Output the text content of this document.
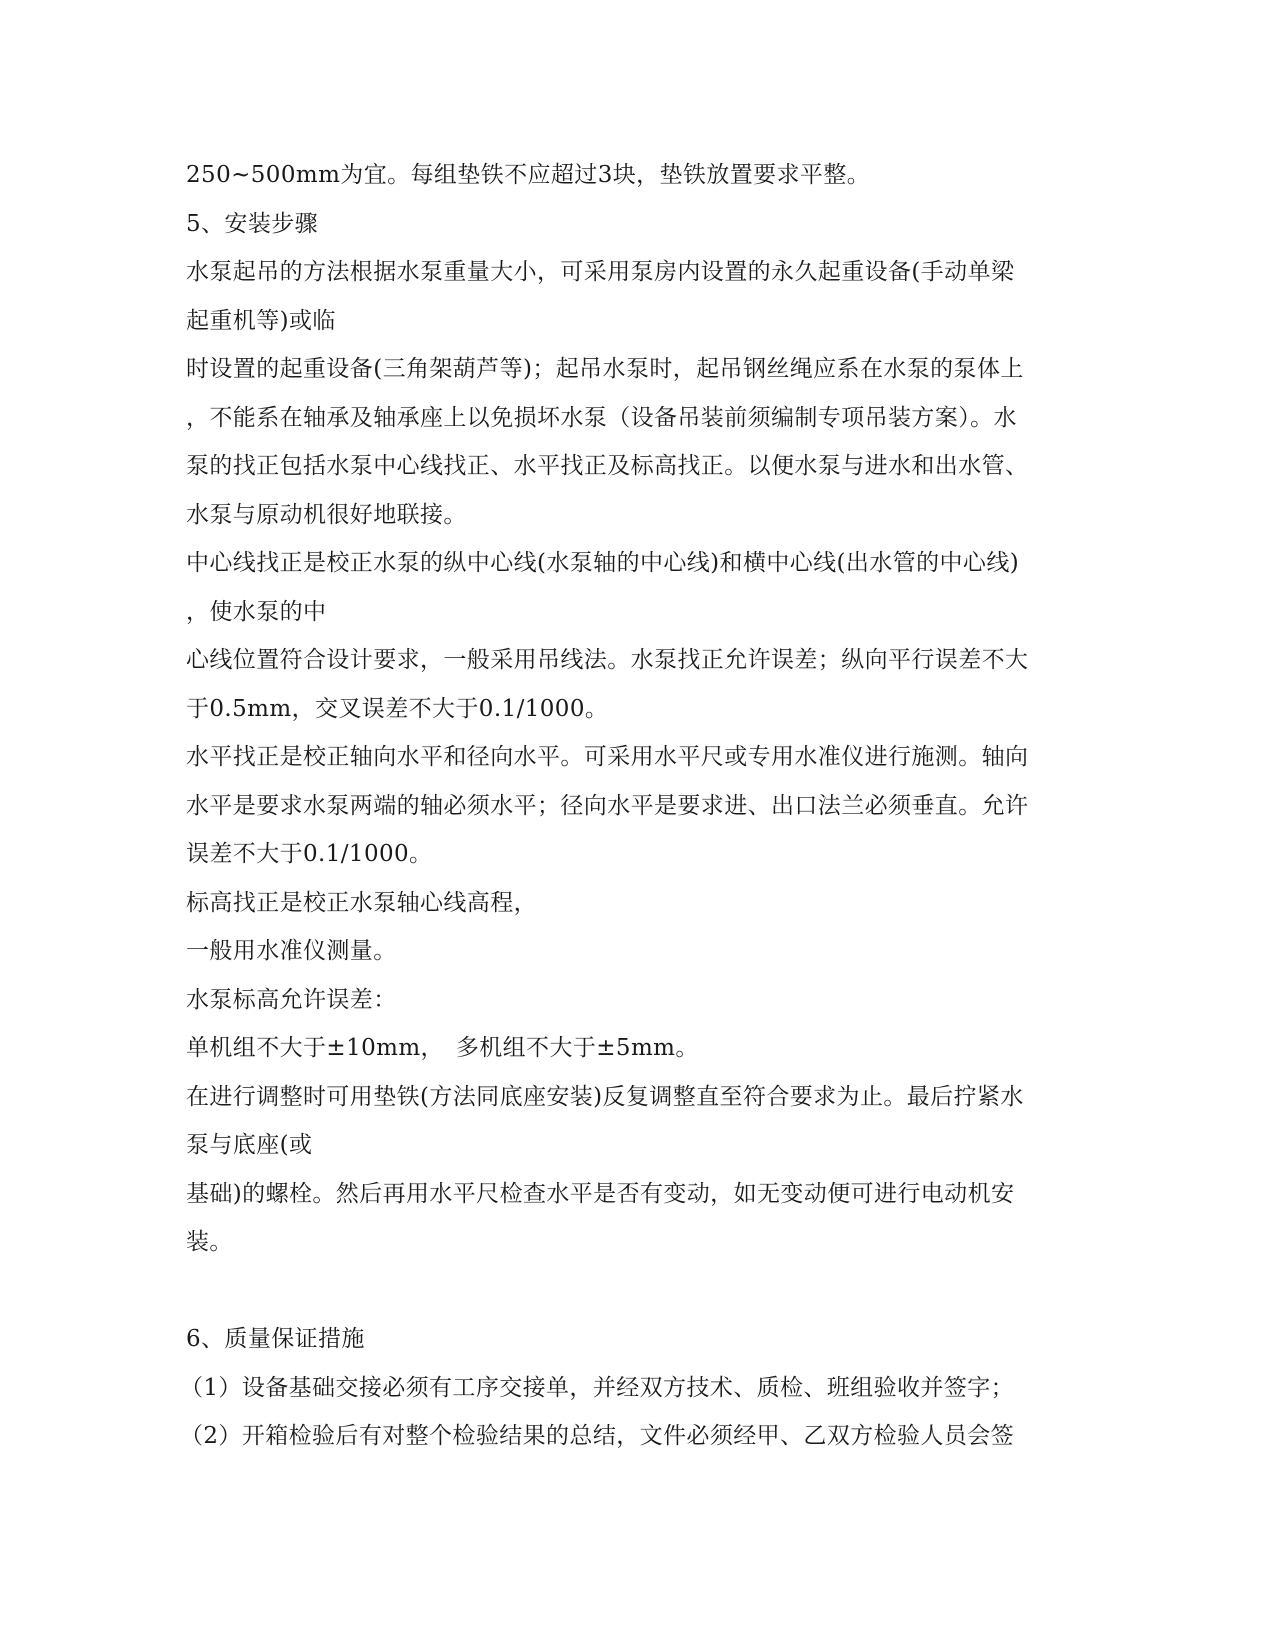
250~500mm为宜。每组垫铁不应超过3块，垫铁放置要求平整。
5、安装步骤
水泵起吊的方法根据水泵重量大小，可采用泵房内设置的永久起重设备(手动单梁
起重机等)或临
时设置的起重设备(三角架葫芦等)；起吊水泵时，起吊钢丝绳应系在水泵的泵体上
，不能系在轴承及轴承座上以免损坏水泵（设备吊装前须编制专项吊装方案）。水
泵的找正包括水泵中心线找正、水平找正及标高找正。以便水泵与进水和出水管、
水泵与原动机很好地联接。
中心线找正是校正水泵的纵中心线(水泵轴的中心线)和横中心线(出水管的中心线)
，使水泵的中
心线位置符合设计要求，一般采用吊线法。水泵找正允许误差；纵向平行误差不大
于0.5mm，交叉误差不大于0.1/1000。
水平找正是校正轴向水平和径向水平。可采用水平尺或专用水准仪进行施测。轴向
水平是要求水泵两端的轴必须水平；径向水平是要求进、出口法兰必须垂直。允许
误差不大于0.1/1000。
标高找正是校正水泵轴心线高程，
一般用水准仪测量。
水泵标高允许误差：
单机组不大于±10mm，　多机组不大于±5mm。
在进行调整时可用垫铁(方法同底座安装)反复调整直至符合要求为止。最后拧紧水
泵与底座(或
基础)的螺栓。然后再用水平尺检查水平是否有变动，如无变动便可进行电动机安
装。
6、质量保证措施
（1）设备基础交接必须有工序交接单，并经双方技术、质检、班组验收并签字；
（2）开箱检验后有对整个检验结果的总结，文件必须经甲、乙双方检验人员会签
